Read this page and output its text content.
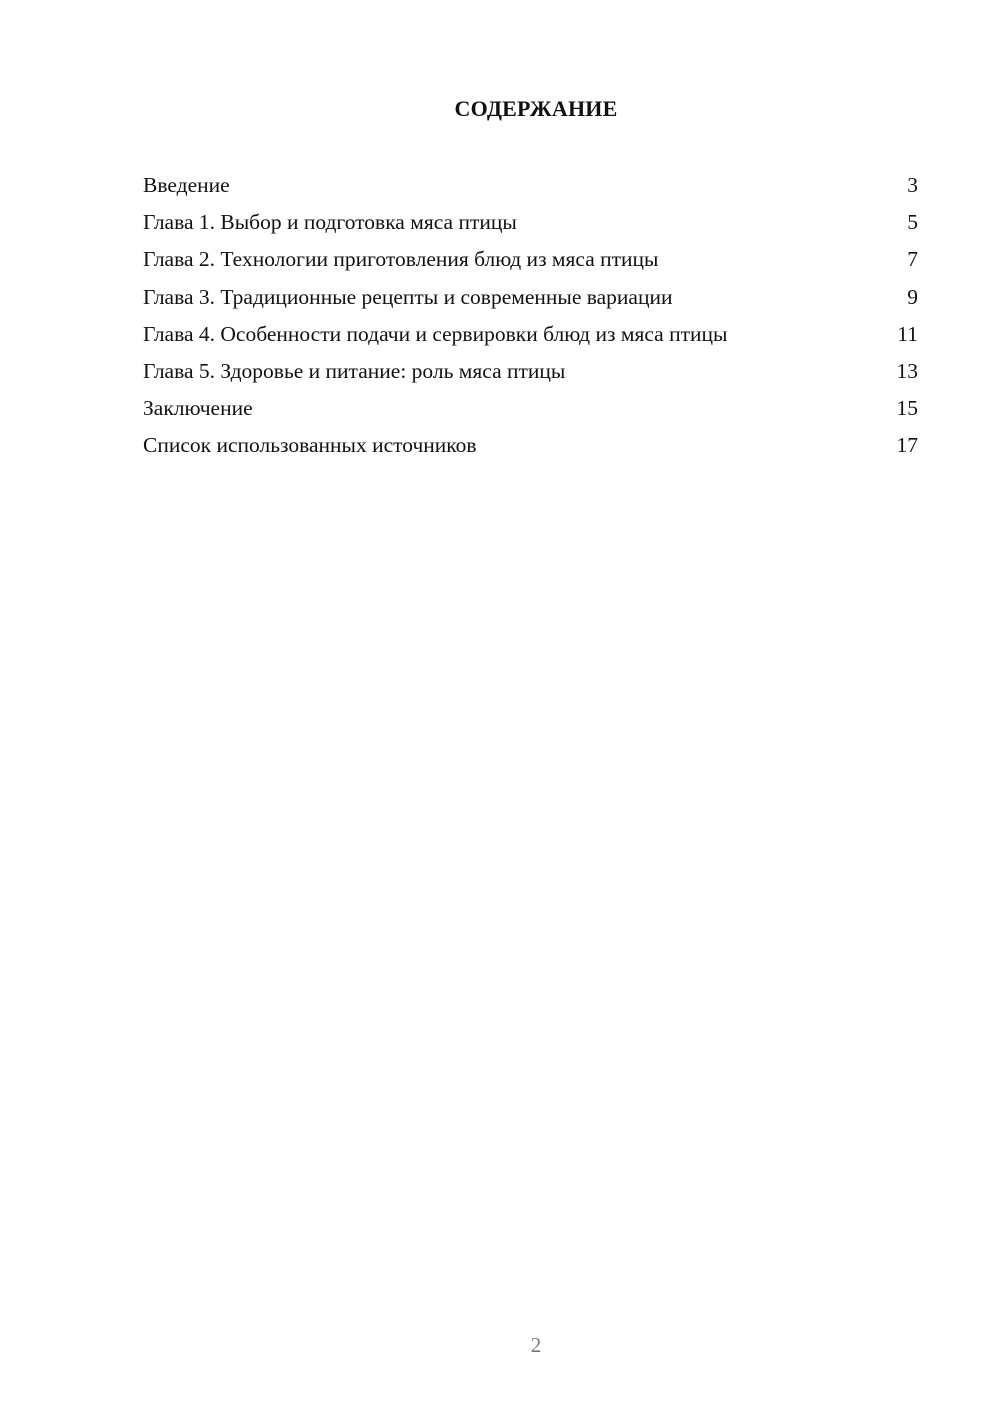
СОДЕРЖАНИЕ
Введение	3
Глава 1. Выбор и подготовка мяса птицы	5
Глава 2. Технологии приготовления блюд из мяса птицы	7
Глава 3. Традиционные рецепты и современные вариации	9
Глава 4. Особенности подачи и сервировки блюд из мяса птицы	11
Глава 5. Здоровье и питание: роль мяса птицы	13
Заключение	15
Список использованных источников	17
2
